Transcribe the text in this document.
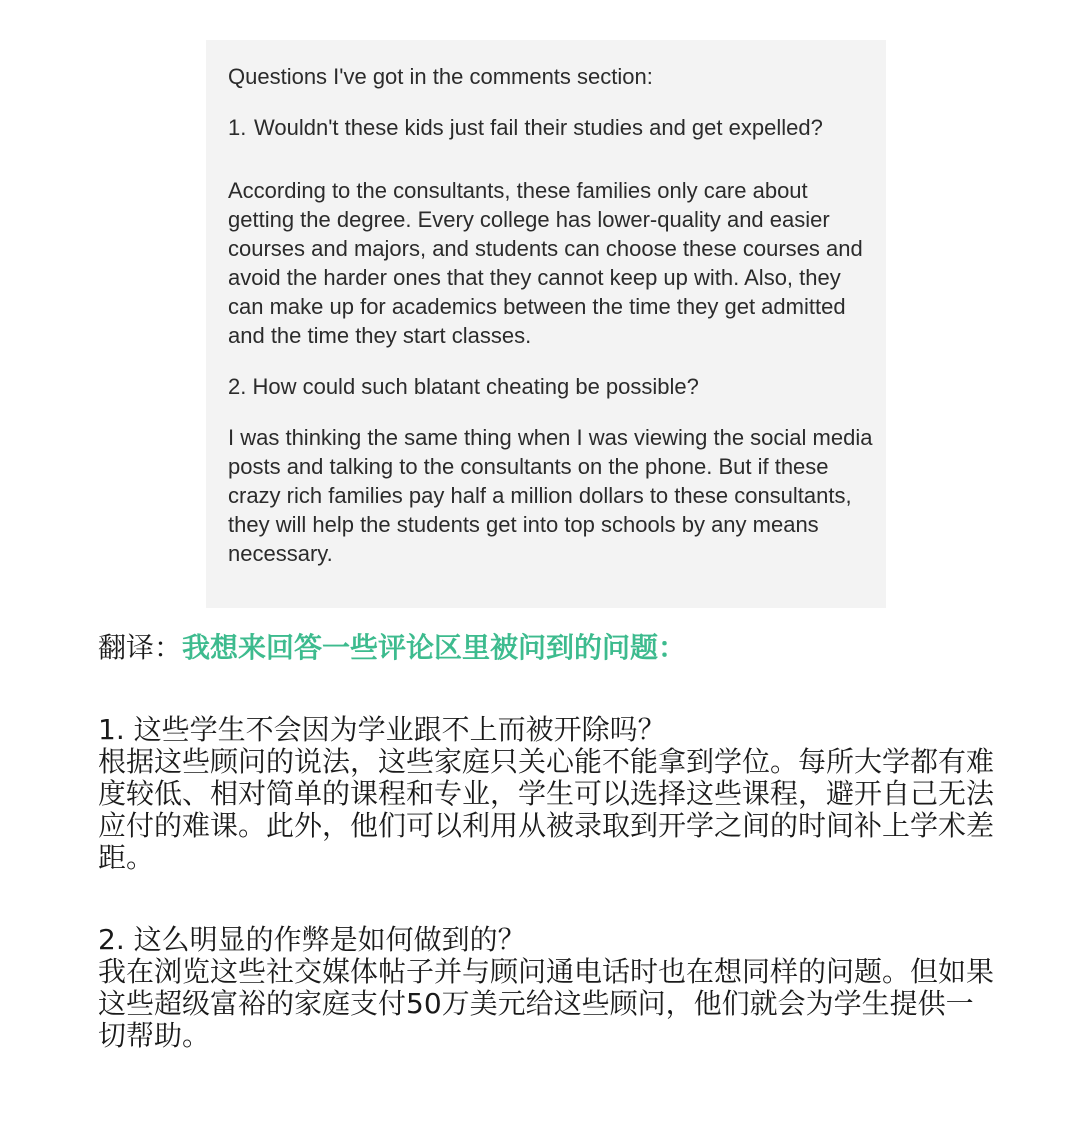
Questions I've got in the comments section:

1. Wouldn't these kids just fail their studies and get expelled?

According to the consultants, these families only care about getting the degree. Every college has lower-quality and easier courses and majors, and students can choose these courses and avoid the harder ones that they cannot keep up with. Also, they can make up for academics between the time they get admitted and the time they start classes.

2. How could such blatant cheating be possible?

I was thinking the same thing when I was viewing the social media posts and talking to the consultants on the phone. But if these crazy rich families pay half a million dollars to these consultants, they will help the students get into top schools by any means necessary.

翻译：我想来回答一些评论区里被问到的问题：

1. 这些学生不会因为学业跟不上而被开除吗？

根据这些顾问的说法，这些家庭只关心能不能拿到学位。每所大学都有难度较低、相对简单的课程和专业，学生可以选择这些课程，避开自己无法应付的难课。此外，他们可以利用从被录取到开学之间的时间补上学术差距。

2. 这么明显的作弊是如何做到的？

我在浏览这些社交媒体帖子并与顾问通电话时也在想同样的问题。但如果这些超级富裕的家庭支付50万美元给这些顾问，他们就会为学生提供一切帮助。
